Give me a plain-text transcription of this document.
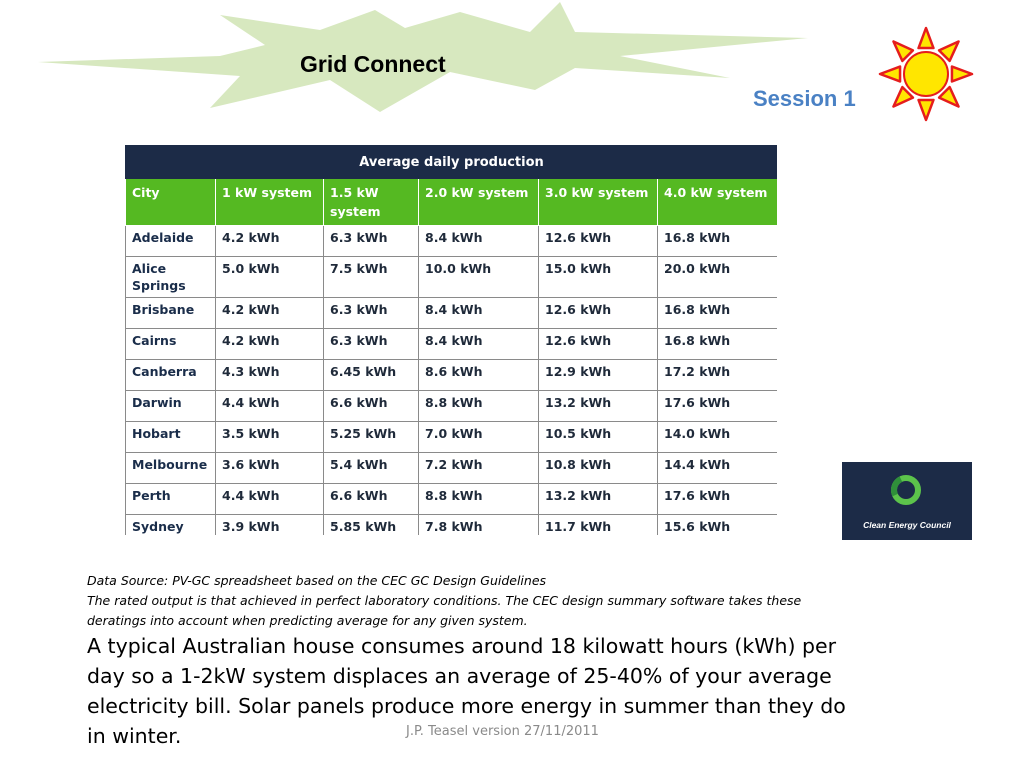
Grid Connect
Session 1
Average daily production					
City	1 kW system	1.5 kW system	2.0 kW system	3.0 kW system	4.0 kW system
Adelaide	4.2 kWh	6.3 kWh	8.4 kWh	12.6 kWh	16.8 kWh
Alice Springs	5.0 kWh	7.5 kWh	10.0 kWh	15.0 kWh	20.0 kWh
Brisbane	4.2 kWh	6.3 kWh	8.4 kWh	12.6 kWh	16.8 kWh
Cairns	4.2 kWh	6.3 kWh	8.4 kWh	12.6 kWh	16.8 kWh
Canberra	4.3 kWh	6.45 kWh	8.6 kWh	12.9 kWh	17.2 kWh
Darwin	4.4 kWh	6.6 kWh	8.8 kWh	13.2 kWh	17.6 kWh
Hobart	3.5 kWh	5.25 kWh	7.0 kWh	10.5 kWh	14.0 kWh
Melbourne	3.6 kWh	5.4 kWh	7.2 kWh	10.8 kWh	14.4 kWh
Perth	4.4 kWh	6.6 kWh	8.8 kWh	13.2 kWh	17.6 kWh
Sydney	3.9 kWh	5.85 kWh	7.8 kWh	11.7 kWh	15.6 kWh	Clean Energy Council

Data Source: PV-GC spreadsheet based on the CEC GC Design Guidelines

The rated output is that achieved in perfect laboratory conditions. The CEC design summary software takes these deratings into account when predicting average for any given system.

A typical Australian house consumes around 18 kilowatt hours (kWh) per day so a 1-2kW system displaces an average of 25-40% of your average electricity bill. Solar panels produce more energy in summer than they do in winter.	J.P. Teasel version 27/11/2011
